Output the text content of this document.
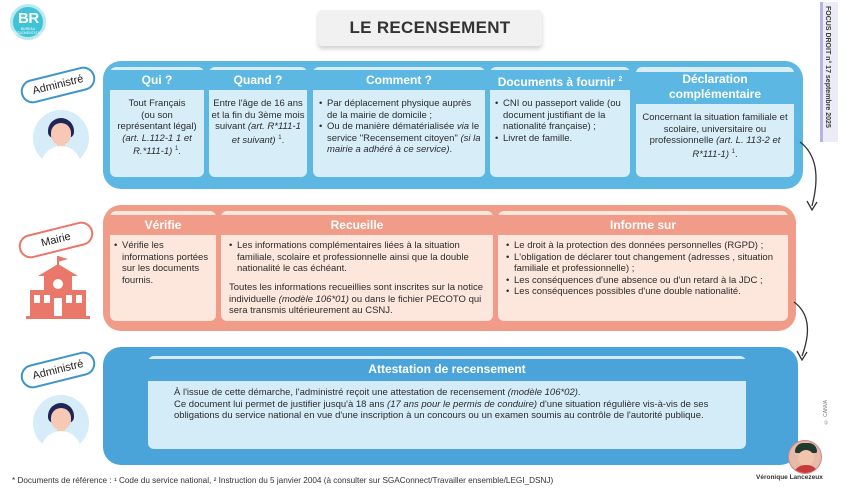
BR
BUREAU RÉGLEMENTATION	LE RECENSEMENT	FOCUS DROIT n° 17 septembre 2025
Administré
Mairie
Administré
Qui ?
Tout Français
(ou son
représentant légal)
(art. L.112-1 1 et R.*111-1) $^1$.
Quand ?
Entre l'âge de 16 ans et la fin du 3ème mois suivant (art. R*111-1 et suivant) $^1$.
Comment ?
• Par déplacement physique auprès de la mairie de domicile ;
• Ou de manière dématérialisée via le service "Recensement citoyen" (si la mairie a adhéré à ce service).
Documents à fournir $^2$
• CNI ou passeport valide (ou document justifiant de la nationalité française) ;
• Livret de famille.
Déclaration complémentaire
Concernant la situation familiale et scolaire, universitaire ou professionnelle (art. L. 113-2 et R*111-1) $^1$.
Vérifie
• Vérifie les informations portées sur les documents fournis.
Recueille
• Les informations complémentaires liées à la situation familiale, scolaire et professionnelle ainsi que la double nationalité le cas échéant.
Toutes les informations recueillies sont inscrites sur la notice individuelle (modèle 106*01) ou dans le fichier PECOTO qui sera transmis ultérieurement au CSNJ.
Informe sur
• Le droit à la protection des données personnelles (RGPD) ;
• L'obligation de déclarer tout changement (adresses , situation familiale et professionnelle) ;
• Les conséquences d'une absence ou d'un retard à la JDC ;
• Les conséquences possibles d'une double nationalité.
Attestation de recensement
À l'issue de cette démarche, l'administré reçoit une attestation de recensement (modèle 106*02).
Ce document lui permet de justifier jusqu'à 18 ans (17 ans pour le permis de conduire) d'une situation régulière vis-à-vis de ses obligations du service national en vue d'une inscription à un concours ou un examen soumis au contrôle de l'autorité publique.	© CANVA
Véronique Lancezeux
* Documents de référence : ¹ Code du service national, ² Instruction du 5 janvier 2004 (à consulter sur SGAConnect/Travailler ensemble/LEGI_DSNJ)
